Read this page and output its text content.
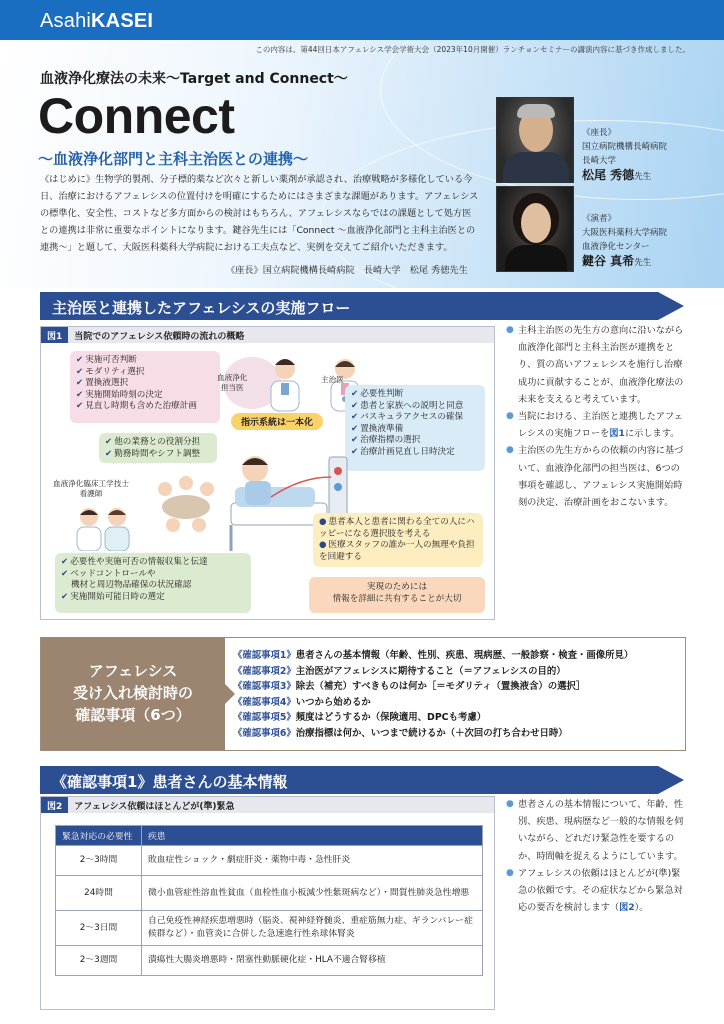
AsahiKASEI
この内容は、第44回日本アフェレシス学会学術大会（2023年10月開催）ランチョンセミナーの講演内容に基づき作成しました。
血液浄化療法の未来〜Target and Connect〜
Connect
〜血液浄化部門と主科主治医との連携〜

《はじめに》生物学的製剤、分子標的薬など次々と新しい薬剤が承認され、治療戦略が多様化している今日、治療におけるアフェレシスの位置付けを明確にするためにはさまざまな課題があります。アフェレシスの標準化、安全性、コストなど多方面からの検討はもちろん、アフェレシスならではの課題として処方医との連携は非常に重要なポイントになります。鍵谷先生には「Connect 〜血液浄化部門と主科主治医との連携〜」と題して、大阪医科薬科大学病院における工夫点など、実例を交えてご紹介いただきます。

《座長》国立病院機構長崎病院　長崎大学　松尾 秀徳先生
《座長》
国立病院機構長崎病院
長崎大学
松尾 秀德先生
《演者》
大阪医科薬科大学病院
血液浄化センター
鍵谷 真希先生
主治医と連携したアフェレシスの実施フロー
図1 当院でのアフェレシス依頼時の流れの概略
✔ 実施可否判断
✔ モダリティ選択
✔ 置換液選択
✔ 実施開始時刻の決定
✔ 見直し時期も含めた治療計画
✔ 他の業務との役割分担
✔ 勤務時間やシフト調整
血液浄化
担当医
主治医
指示系統は一本化
✔ 必要性判断
✔ 患者と家族への説明と同意
✔ バスキュラアクセスの確保
✔ 置換液準備
✔ 治療指標の選択
✔ 治療計画見直し日時決定
血液浄化臨床工学技士
看護師
✔ 必要性や実施可否の情報収集と伝達
✔ ベッドコントロールや
機材と周辺物品確保の状況確認
✔ 実施開始可能日時の選定
● 患者本人と患者に関わる全ての人にハッピーになる選択肢を考える
● 医療スタッフの誰か一人の無理や負担を回避する
実現のためには
情報を詳細に共有することが大切
● 主科主治医の先生方の意向に沿いながら血液浄化部門と主科主治医が連携をとり、質の高いアフェレシスを施行し治療成功に貢献することが、血液浄化療法の未来を支えると考えています。
● 当院における、主治医と連携したアフェレシスの実施フローを図1に示します。
● 主治医の先生方からの依頼の内容に基づいて、血液浄化部門の担当医は、6つの事項を確認し、アフェレシス実施開始時刻の決定、治療計画をおこないます。
アフェレシス
受け入れ検討時の
確認事項（6つ）
《確認事項1》患者さんの基本情報（年齢、性別、疾患、現病歴、一般診察・検査・画像所見）
《確認事項2》主治医がアフェレシスに期待すること（＝アフェレシスの目的）
《確認事項3》除去（補充）すべきものは何か［＝モダリティ（置換液含）の選択］
《確認事項4》いつから始めるか
《確認事項5》頻度はどうするか（保険適用、DPCも考慮）
《確認事項6》治療指標は何か、いつまで続けるか（＋次回の打ち合わせ日時）
《確認事項1》患者さんの基本情報
図2 アフェレシス依頼はほとんどが(準)緊急
緊急対応の必要性	疾患
2〜3時間	敗血症性ショック・劇症肝炎・薬物中毒・急性肝炎
24時間	微小血管症性溶血性貧血（血栓性血小板減少性紫斑病など）・間質性肺炎急性増悪
2〜3日間	自己免疫性神経疾患増悪時（脳炎、視神経脊髄炎、重症筋無力症、ギランバレー症候群など）・血管炎に合併した急速進行性糸球体腎炎
2〜3週間	潰瘍性大腸炎増悪時・閉塞性動脈硬化症・HLA不適合腎移植
● 患者さんの基本情報について、年齢、性別、疾患、現病歴など一般的な情報を伺いながら、どれだけ緊急性を要するのか、時間軸を捉えるようにしています。
● アフェレシスの依頼はほとんどが(準)緊急の依頼です。その症状などから緊急対応の要否を検討します（図2）。
